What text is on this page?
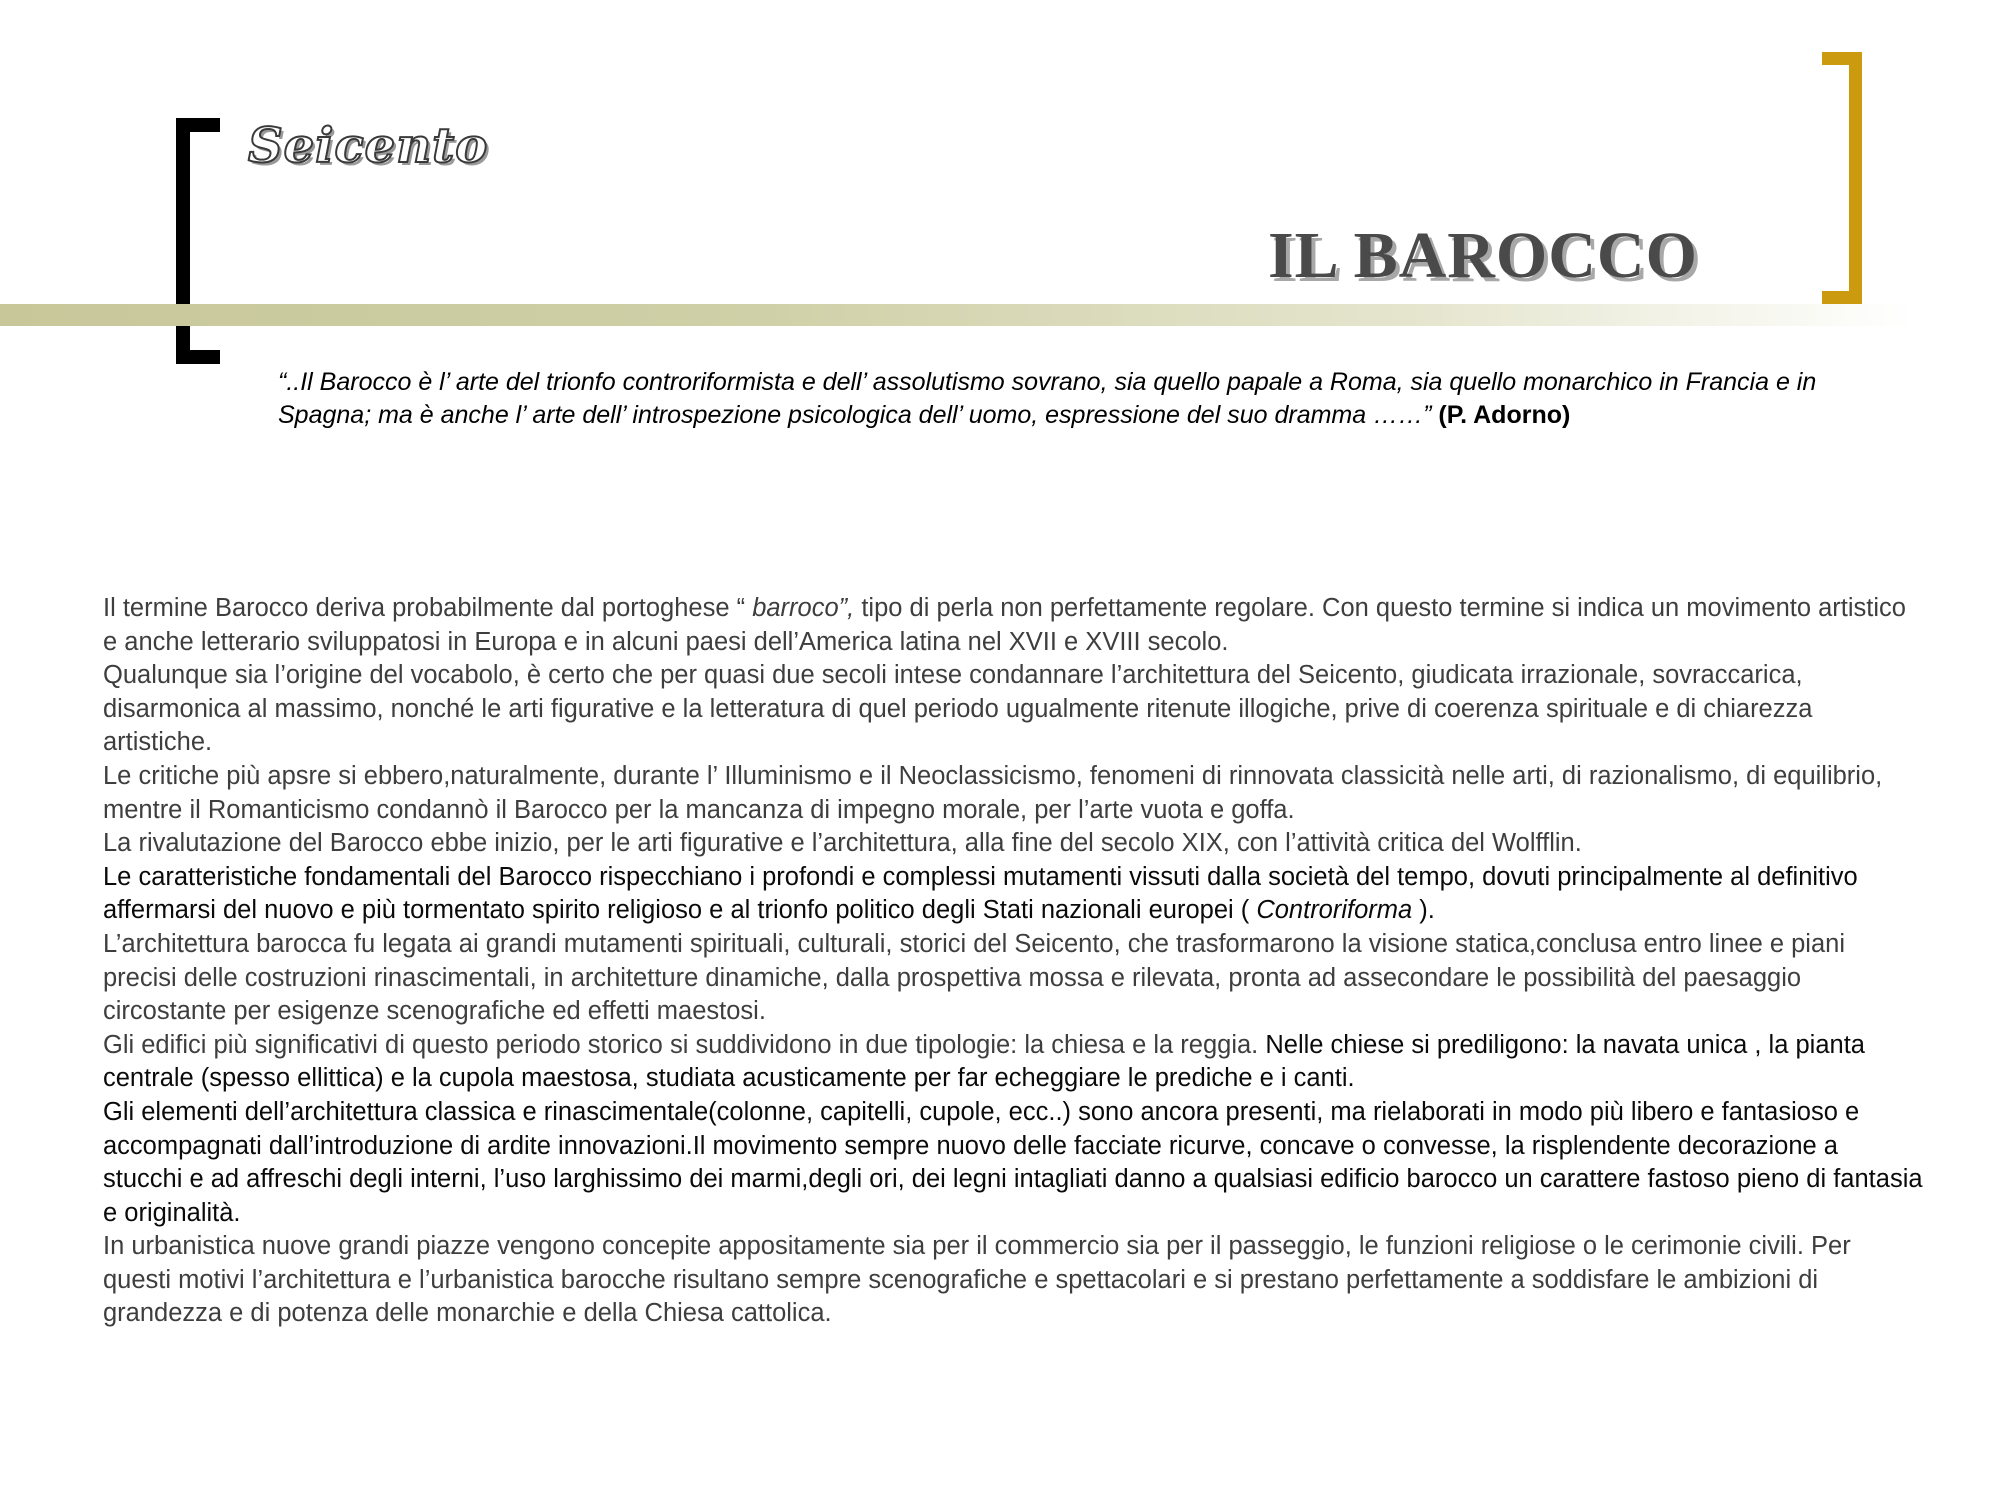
Seicento
IL BAROCCO
“..Il Barocco è l’ arte del trionfo controriformista e dell’ assolutismo sovrano, sia quello papale a Roma, sia quello monarchico in Francia e in Spagna; ma è anche l’ arte dell’ introspezione psicologica dell’ uomo, espressione del suo dramma ……” (P. Adorno)

Il termine Barocco deriva probabilmente dal portoghese “ barroco”, tipo di perla non perfettamente regolare. Con questo termine si indica un movimento artistico e anche letterario sviluppatosi in Europa e in alcuni paesi dell’America latina nel XVII e XVIII secolo.

Qualunque sia l’origine del vocabolo, è certo che per quasi due secoli intese condannare l’architettura del Seicento, giudicata irrazionale, sovraccarica, disarmonica al massimo, nonché le arti figurative e la letteratura di quel periodo ugualmente ritenute illogiche, prive di coerenza spirituale e di chiarezza artistiche.

Le critiche più apsre si ebbero,naturalmente, durante l’ Illuminismo e il Neoclassicismo, fenomeni di rinnovata classicità nelle arti, di razionalismo, di equilibrio, mentre il Romanticismo condannò il Barocco per la mancanza di impegno morale, per l’arte vuota e goffa.

La rivalutazione del Barocco ebbe inizio, per le arti figurative e l’architettura, alla fine del secolo XIX, con l’attività critica del Wolfflin.

Le caratteristiche fondamentali del Barocco rispecchiano i profondi e complessi mutamenti vissuti dalla società del tempo, dovuti principalmente al definitivo affermarsi del nuovo e più tormentato spirito religioso e al trionfo politico degli Stati nazionali europei ( Controriforma ).

L’architettura barocca fu legata ai grandi mutamenti spirituali, culturali, storici del Seicento, che trasformarono la visione statica,conclusa entro linee e piani precisi delle costruzioni rinascimentali, in architetture dinamiche, dalla prospettiva mossa e rilevata, pronta ad assecondare le possibilità del paesaggio circostante per esigenze scenografiche ed effetti maestosi.

Gli edifici più significativi di questo periodo storico si suddividono in due tipologie: la chiesa e la reggia. Nelle chiese si prediligono: la navata unica , la pianta centrale (spesso ellittica) e la cupola maestosa, studiata acusticamente per far echeggiare le prediche e i canti.

Gli elementi dell’architettura classica e rinascimentale(colonne, capitelli, cupole, ecc..) sono ancora presenti, ma rielaborati in modo più libero e fantasioso e accompagnati dall’introduzione di ardite innovazioni.Il movimento sempre nuovo delle facciate ricurve, concave o convesse, la risplendente decorazione a stucchi e ad affreschi degli interni, l’uso larghissimo dei marmi,degli ori, dei legni intagliati danno a qualsiasi edificio barocco un carattere fastoso pieno di fantasia e originalità.

In urbanistica nuove grandi piazze vengono concepite appositamente sia per il commercio sia per il passeggio, le funzioni religiose o le cerimonie civili. Per questi motivi l’architettura e l’urbanistica barocche risultano sempre scenografiche e spettacolari e si prestano perfettamente a soddisfare le ambizioni di grandezza e di potenza delle monarchie e della Chiesa cattolica.
